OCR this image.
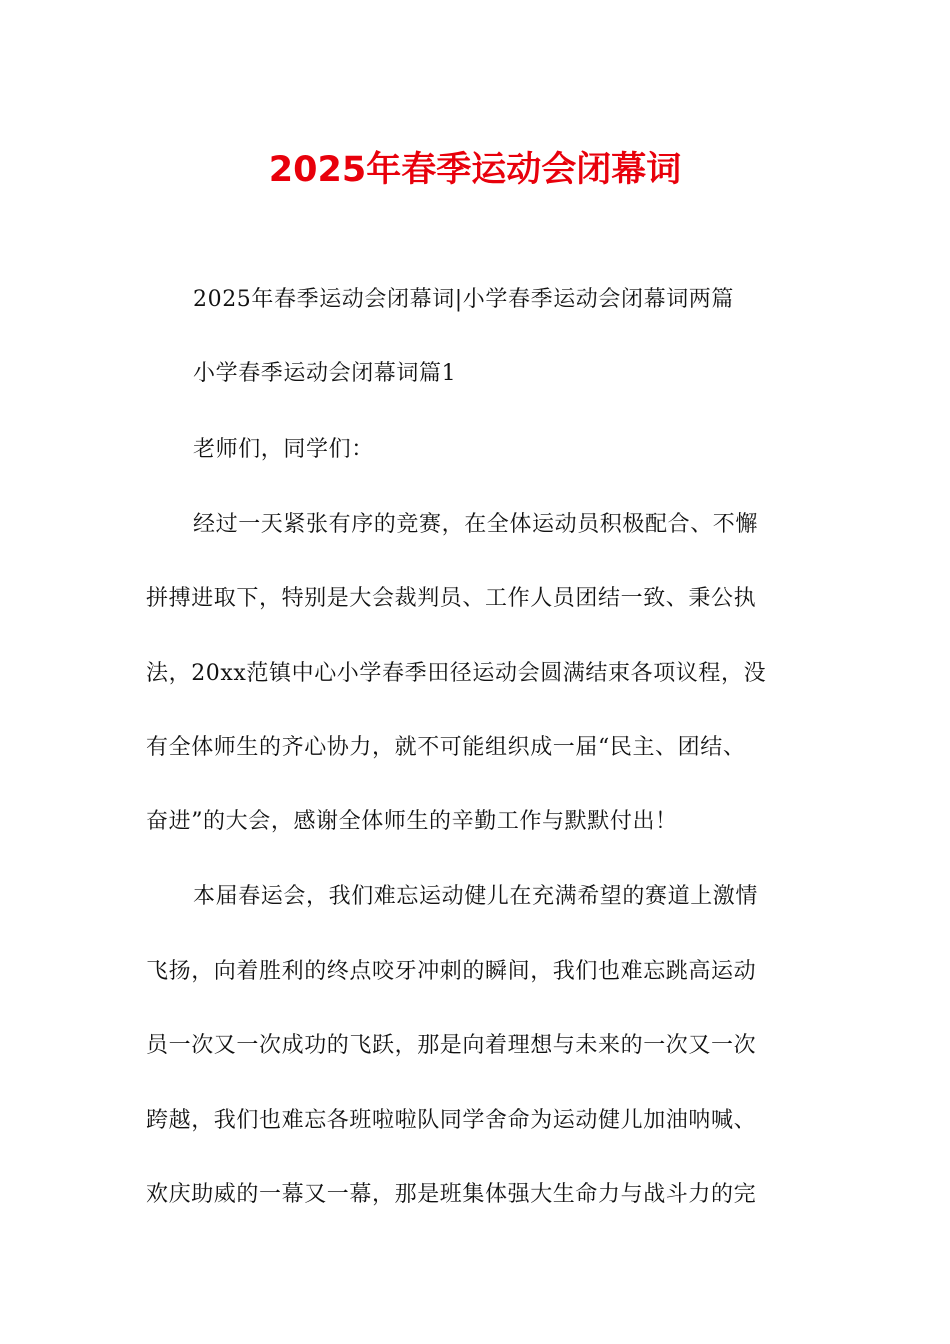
2025年春季运动会闭幕词
2025年春季运动会闭幕词|小学春季运动会闭幕词两篇
小学春季运动会闭幕词篇1
老师们，同学们：
经过一天紧张有序的竞赛，在全体运动员积极配合、不懈
拼搏进取下，特别是大会裁判员、工作人员团结一致、秉公执
法，20xx范镇中心小学春季田径运动会圆满结束各项议程，没
有全体师生的齐心协力，就不可能组织成一届“民主、团结、
奋进”的大会，感谢全体师生的辛勤工作与默默付出！
本届春运会，我们难忘运动健儿在充满希望的赛道上激情
飞扬，向着胜利的终点咬牙冲刺的瞬间，我们也难忘跳高运动
员一次又一次成功的飞跃，那是向着理想与未来的一次又一次
跨越，我们也难忘各班啦啦队同学舍命为运动健儿加油呐喊、
欢庆助威的一幕又一幕，那是班集体强大生命力与战斗力的完
